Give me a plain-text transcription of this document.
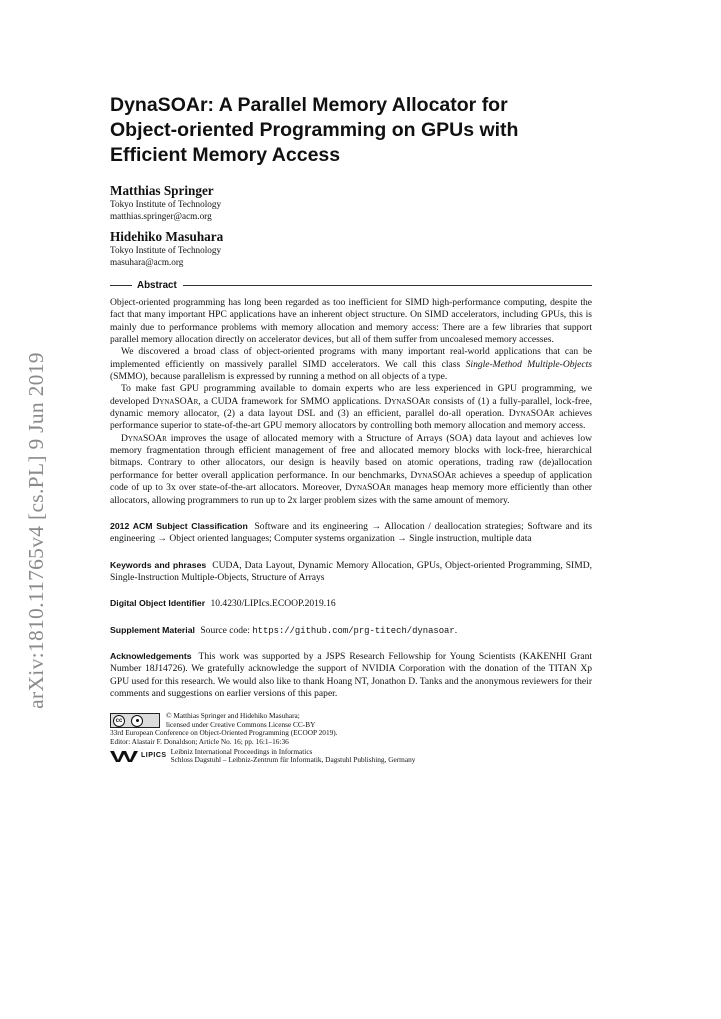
arXiv:1810.11765v4 [cs.PL] 9 Jun 2019
DynaSOAr: A Parallel Memory Allocator for
Object-oriented Programming on GPUs with
Efficient Memory Access
Matthias Springer
Tokyo Institute of Technology
matthias.springer@acm.org
Hidehiko Masuhara
Tokyo Institute of Technology
masuhara@acm.org
Abstract

Object-oriented programming has long been regarded as too inefficient for SIMD high-performance computing, despite the fact that many important HPC applications have an inherent object structure. On SIMD accelerators, including GPUs, this is mainly due to performance problems with memory allocation and memory access: There are a few libraries that support parallel memory allocation directly on accelerator devices, but all of them suffer from uncoalesed memory accesses.

We discovered a broad class of object-oriented programs with many important real-world applications that can be implemented efficiently on massively parallel SIMD accelerators. We call this class Single-Method Multiple-Objects (SMMO), because parallelism is expressed by running a method on all objects of a type.

To make fast GPU programming available to domain experts who are less experienced in GPU programming, we developed DynaSOAr, a CUDA framework for SMMO applications. DynaSOAr consists of (1) a fully-parallel, lock-free, dynamic memory allocator, (2) a data layout DSL and (3) an efficient, parallel do-all operation. DynaSOAr achieves performance superior to state-of-the-art GPU memory allocators by controlling both memory allocation and memory access.

DynaSOAr improves the usage of allocated memory with a Structure of Arrays (SOA) data layout and achieves low memory fragmentation through efficient management of free and allocated memory blocks with lock-free, hierarchical bitmaps. Contrary to other allocators, our design is heavily based on atomic operations, trading raw (de)allocation performance for better overall application performance. In our benchmarks, DynaSOAr achieves a speedup of application code of up to 3x over state-of-the-art allocators. Moreover, DynaSOAr manages heap memory more efficiently than other allocators, allowing programmers to run up to 2x larger problem sizes with the same amount of memory.

2012 ACM Subject Classification Software and its engineering → Allocation / deallocation strategies; Software and its engineering → Object oriented languages; Computer systems organization → Single instruction, multiple data

Keywords and phrases CUDA, Data Layout, Dynamic Memory Allocation, GPUs, Object-oriented Programming, SIMD, Single-Instruction Multiple-Objects, Structure of Arrays

Digital Object Identifier 10.4230/LIPIcs.ECOOP.2019.16

Supplement Material Source code: https://github.com/prg-titech/dynasoar.

Acknowledgements This work was supported by a JSPS Research Fellowship for Young Scientists (KAKENHI Grant Number 18J14726). We gratefully acknowledge the support of NVIDIA Corporation with the donation of the TITAN Xp GPU used for this research. We would also like to thank Hoang NT, Jonathon D. Tanks and the anonymous reviewers for their comments and suggestions on earlier versions of this paper.

cc
© Matthias Springer and Hidehiko Masuhara;
licensed under Creative Commons License CC-BY
33rd European Conference on Object-Oriented Programming (ECOOP 2019).
Editor: Alastair F. Donaldson; Article No. 16; pp. 16:1–16:36
LIPICS Leibniz International Proceedings in Informatics
Schloss Dagstuhl – Leibniz-Zentrum für Informatik, Dagstuhl Publishing, Germany
